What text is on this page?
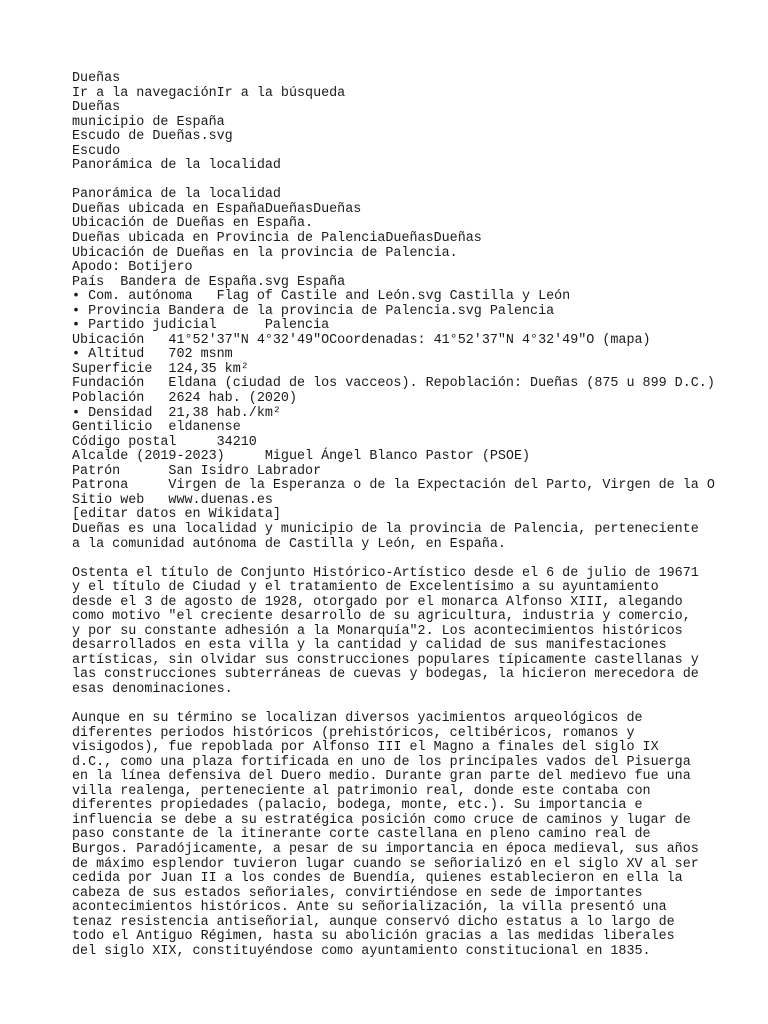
Dueñas
Ir a la navegaciónIr a la búsqueda
Dueñas
municipio de España
Escudo de Dueñas.svg
Escudo
Panorámica de la localidad
Panorámica de la localidad
Dueñas ubicada en EspañaDueñasDueñas
Ubicación de Dueñas en España.
Dueñas ubicada en Provincia de PalenciaDueñasDueñas
Ubicación de Dueñas en la provincia de Palencia.
Apodo: Botijero
País  Bandera de España.svg España
• Com. autónoma   Flag of Castile and León.svg Castilla y León
• Provincia Bandera de la provincia de Palencia.svg Palencia
• Partido judicial      Palencia
Ubicación   41°52′37″N 4°32′49″OCoordenadas: 41°52′37″N 4°32′49″O (mapa)
• Altitud   702 msnm
Superficie  124,35 km²
Fundación   Eldana (ciudad de los vacceos). Repoblación: Dueñas (875 u 899 D.C.)
Población   2624 hab. (2020)
• Densidad  21,38 hab./km²
Gentilicio  eldanense
Código postal     34210
Alcalde (2019-2023)     Miguel Ángel Blanco Pastor (PSOE)
Patrón      San Isidro Labrador
Patrona     Virgen de la Esperanza o de la Expectación del Parto, Virgen de la O
Sitio web   www.duenas.es
[editar datos en Wikidata]
Dueñas es una localidad y municipio de la provincia de Palencia, perteneciente a la comunidad autónoma de Castilla y León, en España.
Ostenta el título de Conjunto Histórico-Artístico desde el 6 de julio de 19671 y el título de Ciudad y el tratamiento de Excelentísimo a su ayuntamiento desde el 3 de agosto de 1928, otorgado por el monarca Alfonso XIII, alegando como motivo "el creciente desarrollo de su agricultura, industria y comercio, y por su constante adhesión a la Monarquía"2. Los acontecimientos históricos desarrollados en esta villa y la cantidad y calidad de sus manifestaciones artísticas, sin olvidar sus construcciones populares típicamente castellanas y las construcciones subterráneas de cuevas y bodegas, la hicieron merecedora de esas denominaciones.
Aunque en su término se localizan diversos yacimientos arqueológicos de diferentes periodos históricos (prehistóricos, celtibéricos, romanos y visigodos), fue repoblada por Alfonso III el Magno a finales del siglo IX d.C., como una plaza fortificada en uno de los principales vados del Pisuerga en la línea defensiva del Duero medio. Durante gran parte del medievo fue una villa realenga, perteneciente al patrimonio real, donde este contaba con diferentes propiedades (palacio, bodega, monte, etc.). Su importancia e influencia se debe a su estratégica posición como cruce de caminos y lugar de paso constante de la itinerante corte castellana en pleno camino real de Burgos. Paradójicamente, a pesar de su importancia en época medieval, sus años de máximo esplendor tuvieron lugar cuando se señorializó en el siglo XV al ser cedida por Juan II a los condes de Buendía, quienes establecieron en ella la cabeza de sus estados señoriales, convirtiéndose en sede de importantes acontecimientos históricos. Ante su señorialización, la villa presentó una tenaz resistencia antiseñorial, aunque conservó dicho estatus a lo largo de todo el Antiguo Régimen, hasta su abolición gracias a las medidas liberales del siglo XIX, constituyéndose como ayuntamiento constitucional en 1835.
